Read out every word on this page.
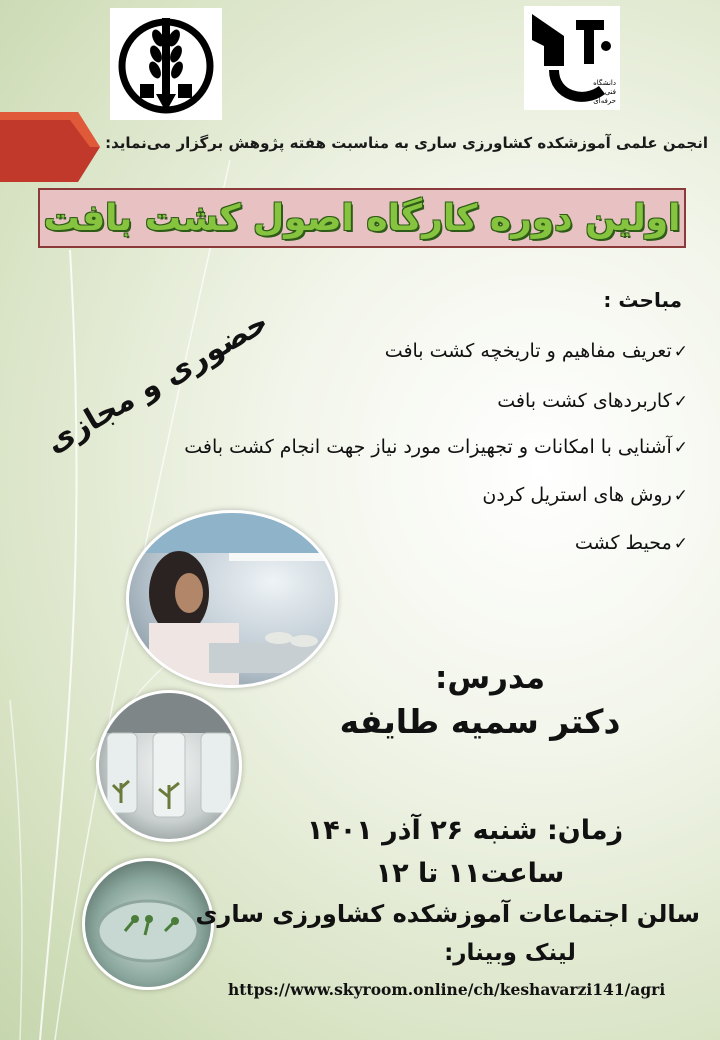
دانشگاه فنی و حرفه‌ای
انجمن علمی آموزشکده کشاورزی ساری به مناسبت هفته پژوهش برگزار می‌نماید:
اولین دوره کارگاه اصول کشت بافت
حضوری و مجازی
مباحث :
✓تعریف مفاهیم و تاریخچه کشت بافت
✓کاربردهای کشت بافت
✓آشنایی با امکانات و تجهیزات مورد نیاز جهت انجام کشت بافت
✓روش های استریل کردن
✓محیط کشت
مدرس:
دکتر سمیه طایفه
زمان: شنبه ۲۶ آذر ۱۴۰۱
ساعت۱۱ تا ۱۲
سالن اجتماعات آموزشکده کشاورزی ساری
لینک وبینار:
https://www.skyroom.online/ch/keshavarzi141/agri
